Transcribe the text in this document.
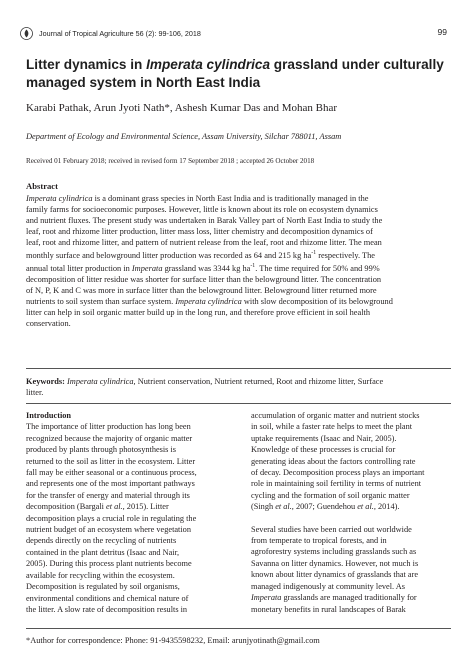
Journal of Tropical Agriculture 56 (2): 99-106, 2018	99

Litter dynamics in Imperata cylindrica grassland under culturally

managed system in North East India

Karabi Pathak, Arun Jyoti Nath*, Ashesh Kumar Das and Mohan Bhar
Department of Ecology and Environmental Science, Assam University, Silchar 788011, Assam
Received 01 February 2018; received in revised form 17 September 2018 ; accepted 26 October 2018
Abstract

Imperata cylindrica is a dominant grass species in North East India and is traditionally managed in the

family farms for socioeconomic purposes. However, little is known about its role on ecosystem dynamics

and nutrient fluxes. The present study was undertaken in Barak Valley part of North East India to study the

leaf, root and rhizome litter production, litter mass loss, litter chemistry and decomposition dynamics of

leaf, root and rhizome litter, and pattern of nutrient release from the leaf, root and rhizome litter. The mean

monthly surface and belowground litter production was recorded as 64 and 215 kg $ha^{-1}$ respectively. The

annual total litter production in Imperata grassland was 3344 kg $ha^{-1}$. The time required for 50% and 99%

decomposition of litter residue was shorter for surface litter than the belowground litter. The concentration

of N, P, K and C was more in surface litter than the belowground litter. Belowground litter returned more

nutrients to soil system than surface system. Imperata cylindrica with slow decomposition of its belowground

litter can help in soil organic matter build up in the long run, and therefore prove efficient in soil health

conservation.

Keywords: Imperata cylindrica, Nutrient conservation, Nutrient returned, Root and rhizome litter, Surface

litter.

Introduction

The importance of litter production has long been

recognized because the majority of organic matter

produced by plants through photosynthesis is

returned to the soil as litter in the ecosystem. Litter

fall may be either seasonal or a continuous process,

and represents one of the most important pathways

for the transfer of energy and material through its

decomposition (Bargali et al., 2015). Litter

decomposition plays a crucial role in regulating the

nutrient budget of an ecosystem where vegetation

depends directly on the recycling of nutrients

contained in the plant detritus (Isaac and Nair,

2005). During this process plant nutrients become

available for recycling within the ecosystem.

Decomposition is regulated by soil organisms,

environmental conditions and chemical nature of

the litter. A slow rate of decomposition results in

accumulation of organic matter and nutrient stocks

in soil, while a faster rate helps to meet the plant

uptake requirements (Isaac and Nair, 2005).

Knowledge of these processes is crucial for

generating ideas about the factors controlling rate

of decay. Decomposition process plays an important

role in maintaining soil fertility in terms of nutrient

cycling and the formation of soil organic matter

(Singh et al., 2007; Guendehou et al., 2014).

Several studies have been carried out worldwide

from temperate to tropical forests, and in

agroforestry systems including grasslands such as

Savanna on litter dynamics. However, not much is

known about litter dynamics of grasslands that are

managed indigenously at community level. As

Imperata grasslands are managed traditionally for

monetary benefits in rural landscapes of Barak

*Author for correspondence: Phone: 91-9435598232, Email: arunjyotinath@gmail.com
